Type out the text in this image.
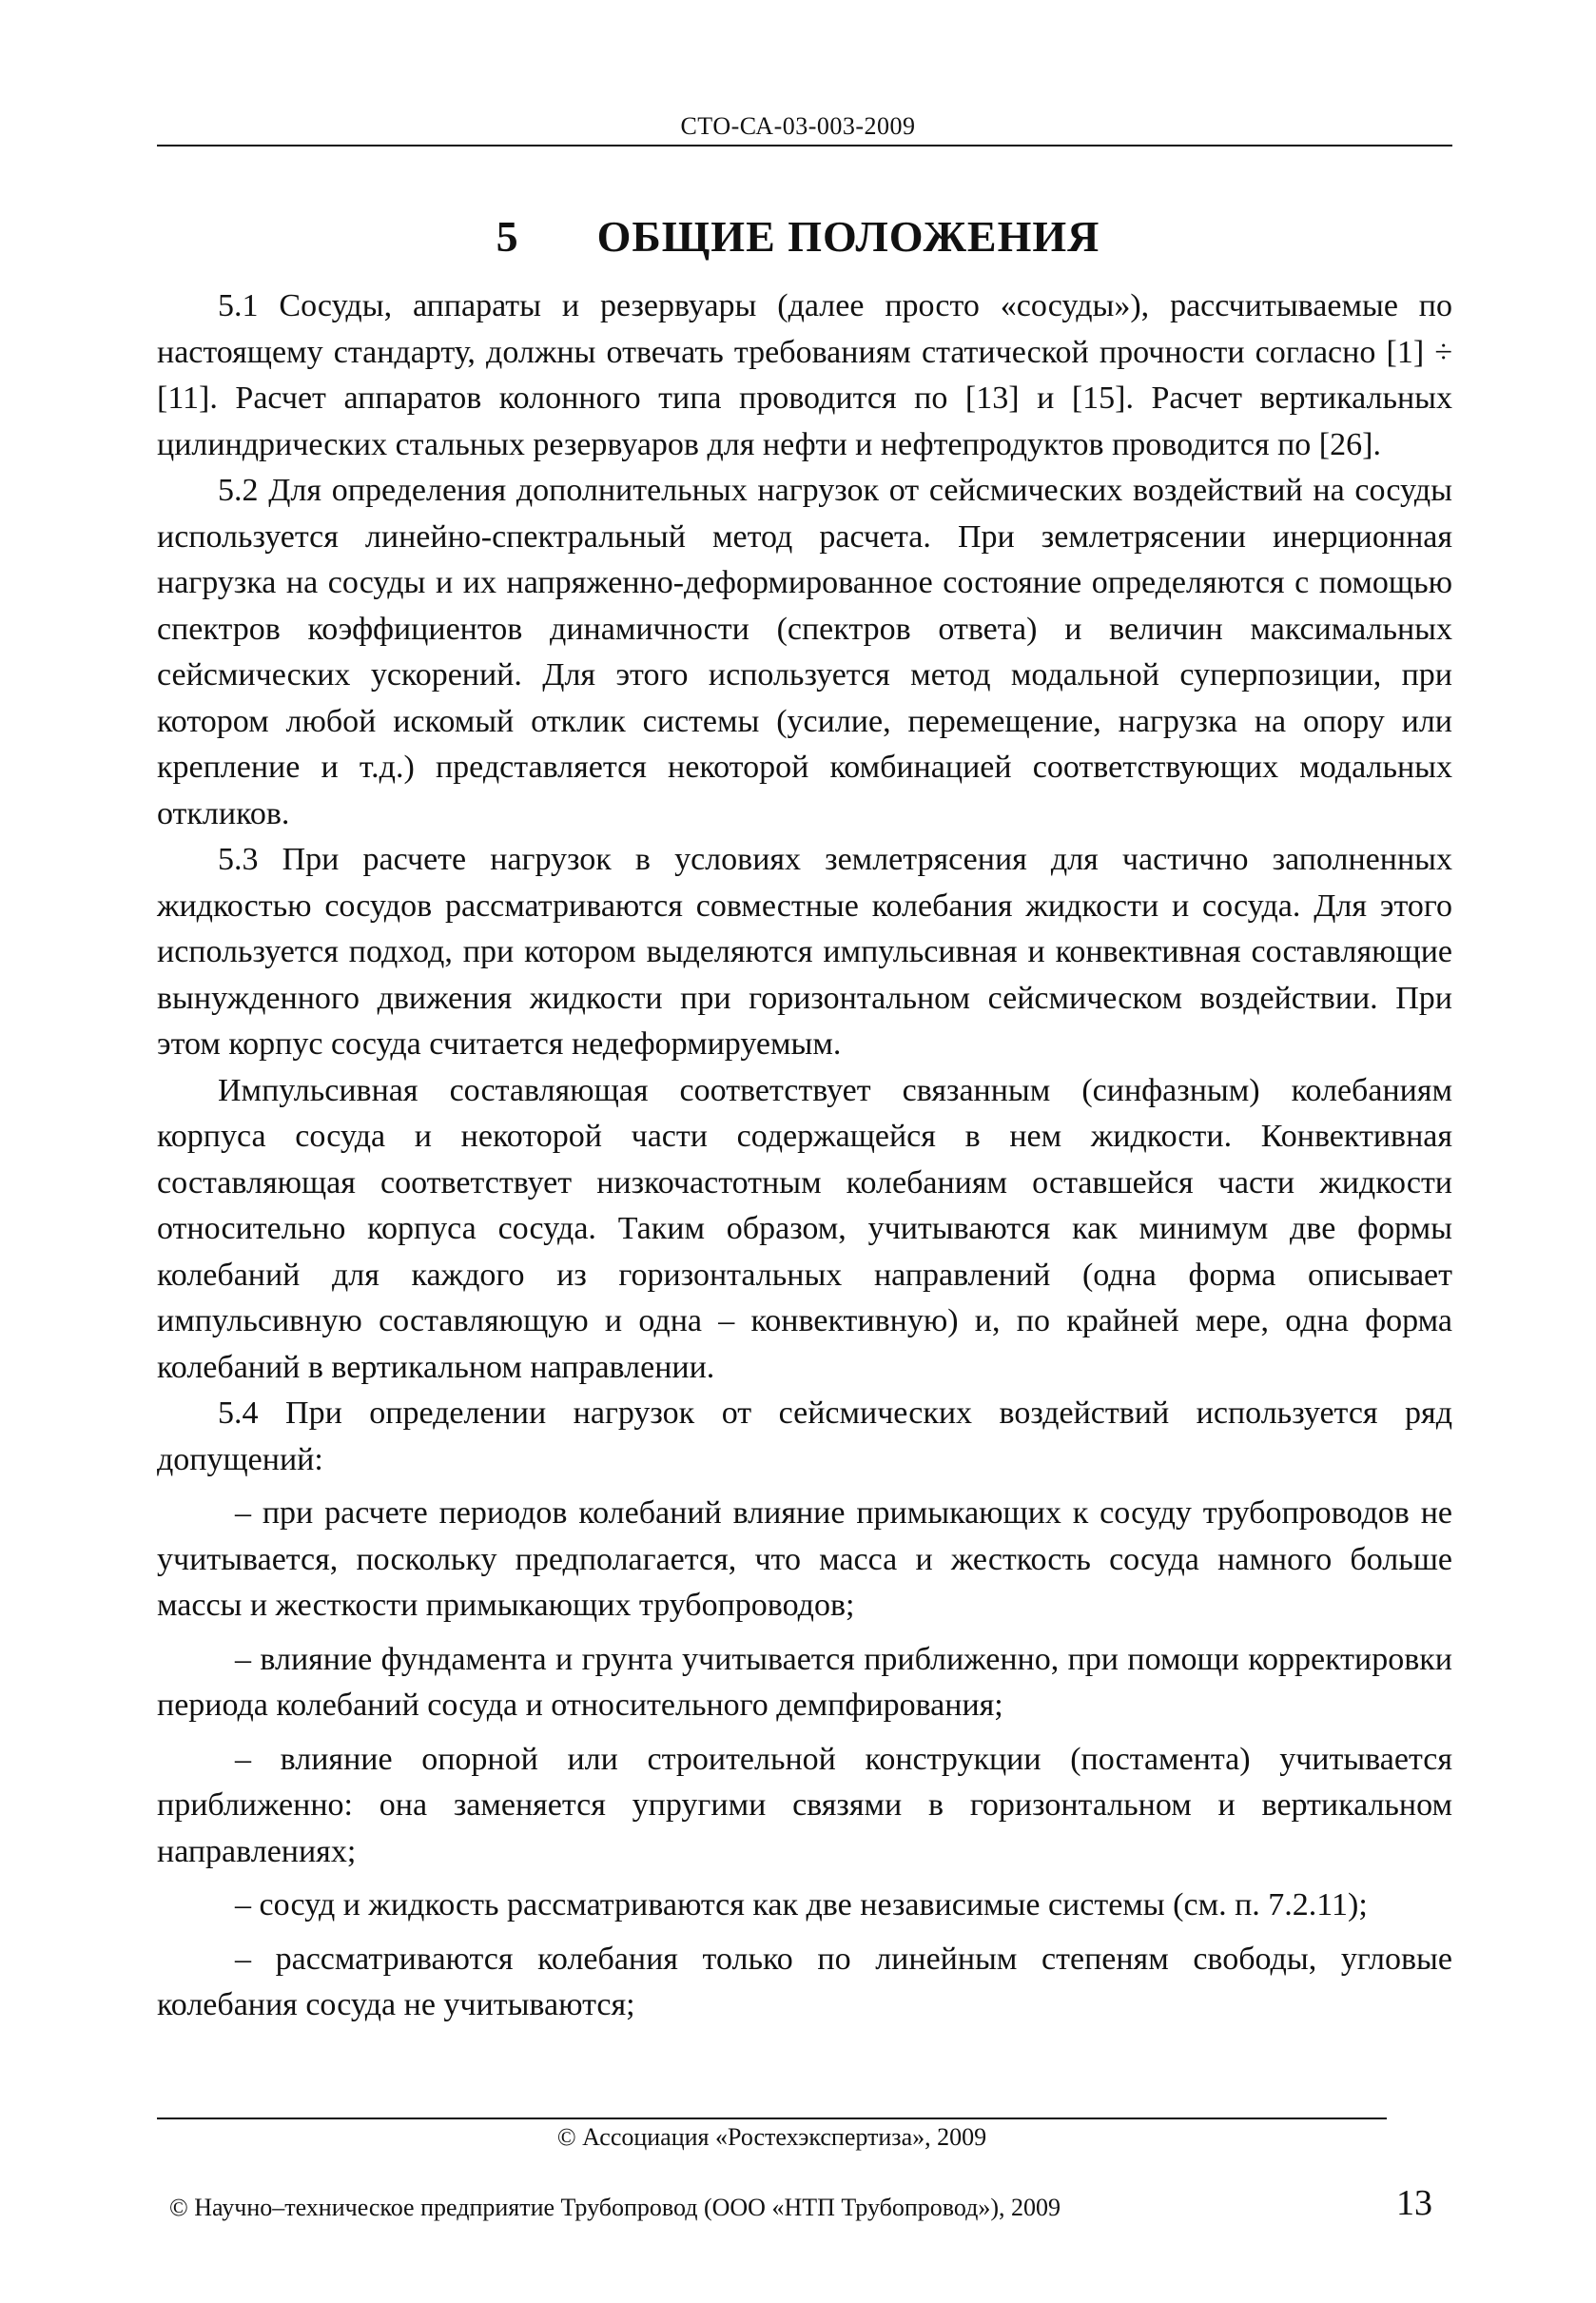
СТО-СА-03-003-2009
5 ОБЩИЕ ПОЛОЖЕНИЯ

5.1 Сосуды, аппараты и резервуары (далее просто «сосуды»), рассчитываемые по настоящему стандарту, должны отвечать требованиям статической прочности согласно [1] ÷ [11]. Расчет аппаратов колонного типа проводится по [13] и [15]. Расчет вертикальных цилиндрических стальных резервуаров для нефти и нефтепродуктов проводится по [26].

5.2 Для определения дополнительных нагрузок от сейсмических воздействий на сосуды используется линейно-спектральный метод расчета. При землетрясении инерционная нагрузка на сосуды и их напряженно-деформированное состояние определяются с помощью спектров коэффициентов динамичности (спектров ответа) и величин максимальных сейсмических ускорений. Для этого используется метод модальной суперпозиции, при котором любой искомый отклик системы (усилие, перемещение, нагрузка на опору или крепление и т.д.) представляется некоторой комбинацией соответствующих модальных откликов.

5.3 При расчете нагрузок в условиях землетрясения для частично заполненных жидкостью сосудов рассматриваются совместные колебания жидкости и сосуда. Для этого используется подход, при котором выделяются импульсивная и конвективная составляющие вынужденного движения жидкости при горизонтальном сейсмическом воздействии. При этом корпус сосуда считается недеформируемым.

Импульсивная составляющая соответствует связанным (синфазным) колебаниям корпуса сосуда и некоторой части содержащейся в нем жидкости. Конвективная составляющая соответствует низкочастотным колебаниям оставшейся части жидкости относительно корпуса сосуда. Таким образом, учитываются как минимум две формы колебаний для каждого из горизонтальных направлений (одна форма описывает импульсивную составляющую и одна – конвективную) и, по крайней мере, одна форма колебаний в вертикальном направлении.

5.4 При определении нагрузок от сейсмических воздействий используется ряд допущений:

– при расчете периодов колебаний влияние примыкающих к сосуду трубопроводов не учитывается, поскольку предполагается, что масса и жесткость сосуда намного больше массы и жесткости примыкающих трубопроводов;

– влияние фундамента и грунта учитывается приближенно, при помощи корректировки периода колебаний сосуда и относительного демпфирования;

– влияние опорной или строительной конструкции (постамента) учитывается приближенно: она заменяется упругими связями в горизонтальном и вертикальном направлениях;

– сосуд и жидкость рассматриваются как две независимые системы (см. п. 7.2.11);

– рассматриваются колебания только по линейным степеням свободы, угловые колебания сосуда не учитываются;

© Ассоциация «Ростехэкспертиза», 2009
© Научно–техническое предприятие Трубопровод (ООО «НТП Трубопровод»), 2009	13
